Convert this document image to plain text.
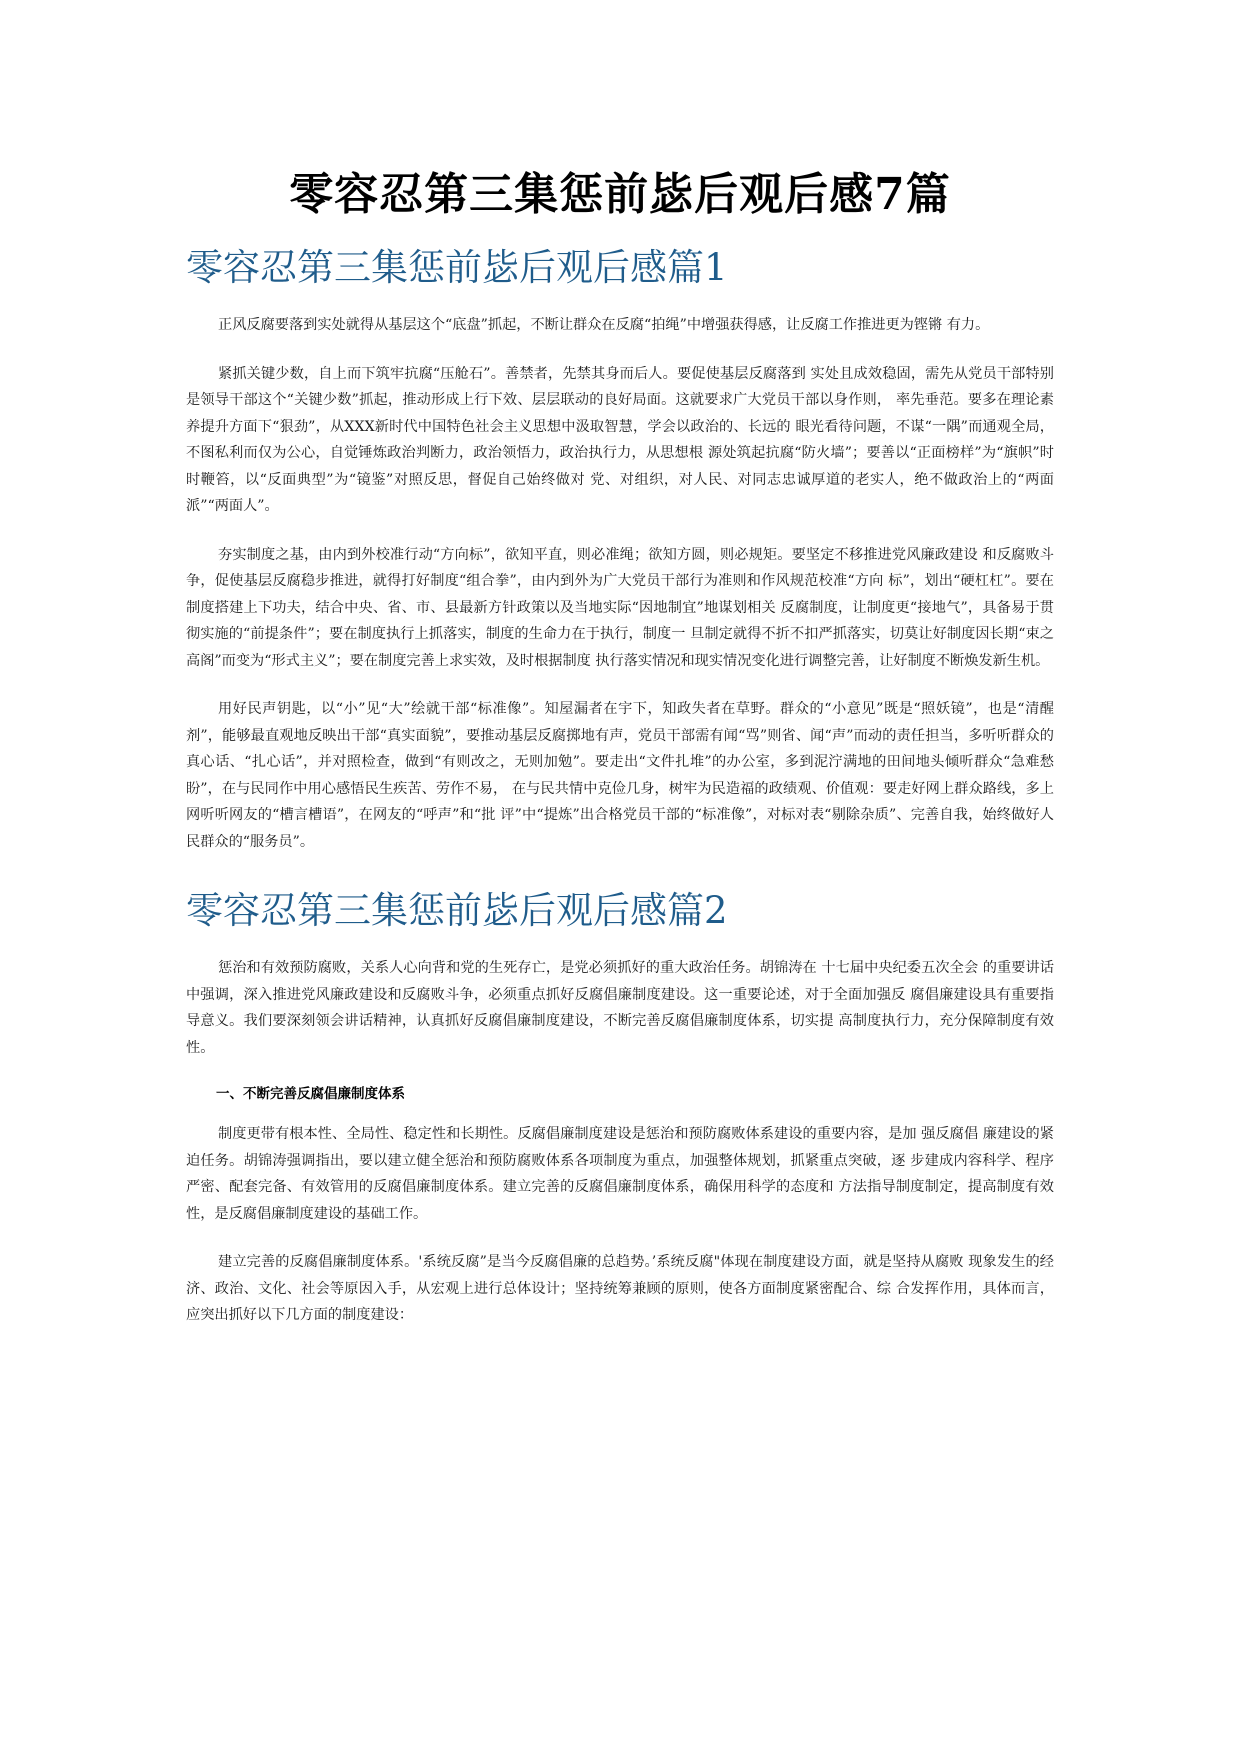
零容忍第三集惩前毖后观后感7篇
零容忍第三集惩前毖后观后感篇1

正风反腐要落到实处就得从基层这个“底盘”抓起，不断让群众在反腐“拍绳”中增强获得感，让反腐工作推进更为铿锵 有力。

紧抓关键少数，自上而下筑牢抗腐“压舱石”。善禁者，先禁其身而后人。要促使基层反腐落到 实处且成效稳固，需先从党员干部特别是领导干部这个“关键少数”抓起，推动形成上行下效、层层联动的良好局面。这就要求广大党员干部以身作则， 率先垂范。要多在理论素养提升方面下“狠劲”，从XXX新时代中国特色社会主义思想中汲取智慧，学会以政治的、长远的 眼光看待问题，不谋“一隅”而通观全局，不图私利而仅为公心，自觉锤炼政治判断力，政治领悟力，政治执行力，从思想根 源处筑起抗腐“防火墙”；要善以“正面榜样”为“旗帜”时时鞭笞，以“反面典型”为“镜鉴”对照反思，督促自己始终做对 党、对组织，对人民、对同志忠诚厚道的老实人，绝不做政治上的“两面派”“两面人”。

夯实制度之基，由内到外校准行动“方向标”，欲知平直，则必准绳；欲知方圆，则必规矩。要坚定不移推进党风廉政建设 和反腐败斗争，促使基层反腐稳步推进，就得打好制度“组合拳”，由内到外为广大党员干部行为准则和作风规范校准“方向 标”，划出“硬杠杠”。要在制度搭建上下功夫，结合中央、省、市、县最新方针政策以及当地实际“因地制宜”地谋划相关 反腐制度，让制度更“接地气”，具备易于贯彻实施的“前提条件”；要在制度执行上抓落实，制度的生命力在于执行，制度一 旦制定就得不折不扣严抓落实，切莫让好制度因长期“束之高阁”而变为“形式主义”；要在制度完善上求实效，及时根据制度 执行落实情况和现实情况变化进行调整完善，让好制度不断焕发新生机。

用好民声钥匙，以“小”见“大”绘就干部“标准像”。知屋漏者在宇下，知政失者在草野。群众的“小意见”既是“照妖镜”，也是“清醒剂”，能够最直观地反映出干部“真实面貌”，要推动基层反腐掷地有声，党员干部需有闻“骂”则省、闻“声”而动的责任担当，多听听群众的真心话、“扎心话”，并对照检查，做到“有则改之，无则加勉”。要走出“文件扎堆”的办公室，多到泥泞满地的田间地头倾听群众“急难愁盼”，在与民同作中用心感悟民生疾苦、劳作不易， 在与民共情中克俭几身，树牢为民造福的政绩观、价值观：要走好网上群众路线，多上网听听网友的“槽言槽语”，在网友的“呼声”和“批 评”中“提炼”出合格党员干部的“标准像”，对标对表“剔除杂质”、完善自我，始终做好人民群众的“服务员”。

零容忍第三集惩前毖后观后感篇2

惩治和有效预防腐败，关系人心向背和党的生死存亡，是党必须抓好的重大政治任务。胡锦涛在 十七届中央纪委五次全会 的重要讲话中强调，深入推进党风廉政建设和反腐败斗争，必须重点抓好反腐倡廉制度建设。这一重要论述，对于全面加强反 腐倡廉建设具有重要指导意义。我们要深刻领会讲话精神，认真抓好反腐倡廉制度建设，不断完善反腐倡廉制度体系，切实提 高制度执行力，充分保障制度有效性。

一、不断完善反腐倡廉制度体系

制度更带有根本性、全局性、稳定性和长期性。反腐倡廉制度建设是惩治和预防腐败体系建设的重要内容，是加 强反腐倡 廉建设的紧迫任务。胡锦涛强调指出，要以建立健全惩治和预防腐败体系各项制度为重点，加强整体规划，抓紧重点突破，逐 步建成内容科学、程序严密、配套完备、有效管用的反腐倡廉制度体系。建立完善的反腐倡廉制度体系，确保用科学的态度和 方法指导制度制定，提高制度有效性，是反腐倡廉制度建设的基础工作。

建立完善的反腐倡廉制度体系。'系统反腐”是当今反腐倡廉的总趋势。’系统反腐"体现在制度建设方面，就是坚持从腐败 现象发生的经济、政治、文化、社会等原因入手，从宏观上进行总体设计；坚持统筹兼顾的原则，使各方面制度紧密配合、综 合发挥作用，具体而言，应突出抓好以下几方面的制度建设：
